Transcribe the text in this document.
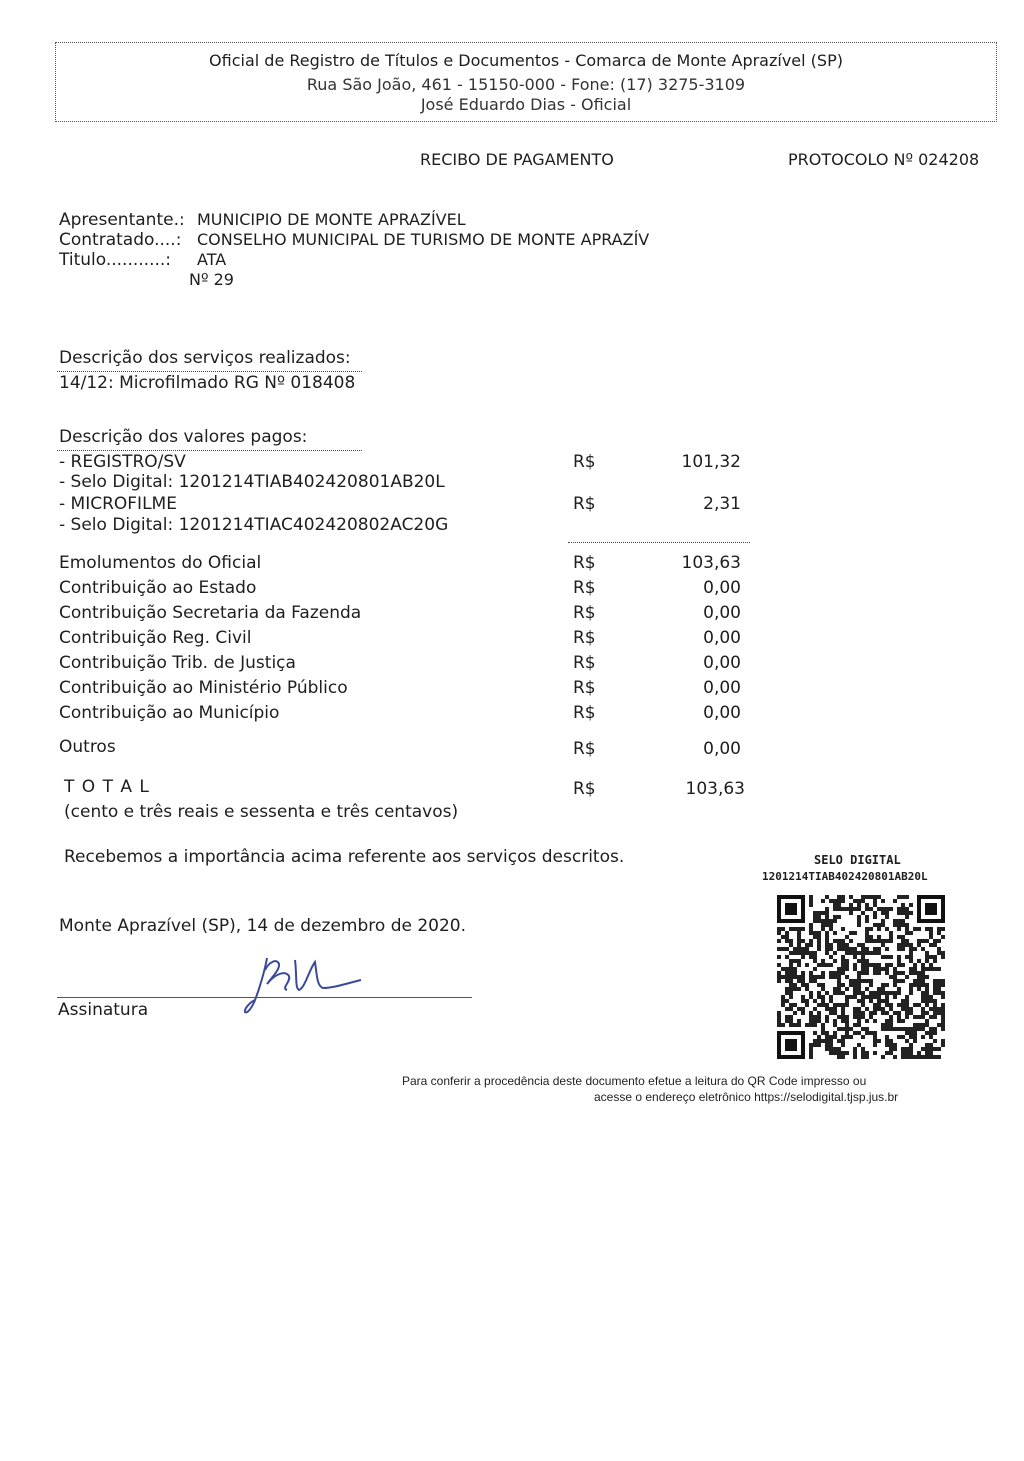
Oficial de Registro de Títulos e Documentos - Comarca de Monte Aprazível (SP)
Rua São João, 461 - 15150-000 - Fone: (17) 3275-3109
José Eduardo Dias - Oficial
RECIBO DE PAGAMENTO	PROTOCOLO Nº 024208
Apresentante.: MUNICIPIO DE MONTE APRAZÍVEL
Contratado....: CONSELHO MUNICIPAL DE TURISMO DE MONTE APRAZÍV
Titulo...........: ATA
Nº 29
Descrição dos serviços realizados:
14/12: Microfilmado RG Nº 018408
Descrição dos valores pagos:
- REGISTRO/SV	R$	101,32
- Selo Digital: 1201214TIAB402420801AB20L
- MICROFILME	R$	2,31
- Selo Digital: 1201214TIAC402420802AC20G
Emolumentos do Oficial	R$	103,63
Contribuição ao Estado	R$	0,00
Contribuição Secretaria da Fazenda	R$	0,00
Contribuição Reg. Civil	R$	0,00
Contribuição Trib. de Justiça	R$	0,00
Contribuição ao Ministério Público	R$	0,00
Contribuição ao Município	R$	0,00
Outros	R$	0,00
T O T A L	R$	103,63
(cento e três reais e sessenta e três centavos)
Recebemos a importância acima referente aos serviços descritos.
Monte Aprazível (SP), 14 de dezembro de 2020.
Assinatura
SELO DIGITAL
1201214TIAB402420801AB20L
Para conferir a procedência deste documento efetue a leitura do QR Code impresso ou
acesse o endereço eletrônico https://selodigital.tjsp.jus.br
